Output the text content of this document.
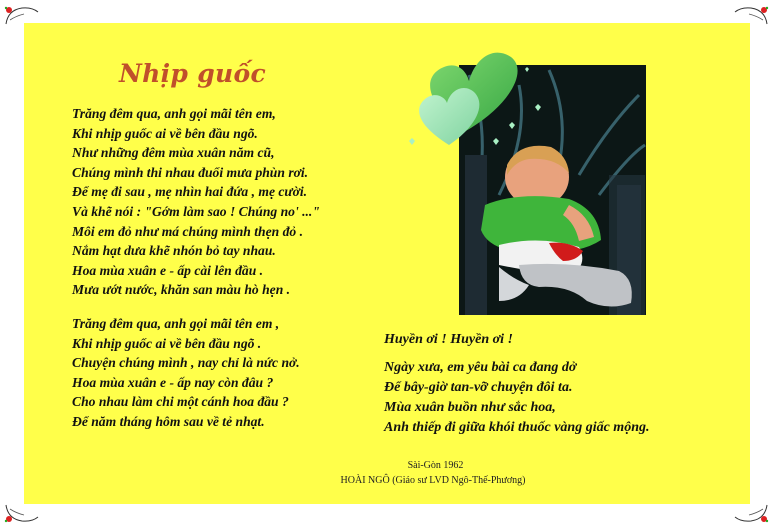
Nhịp guốc
Trăng đêm qua, anh gọi mãi tên em,
Khi nhịp guốc ai về bên đầu ngõ.
Như những đêm mùa xuân năm cũ,
Chúng mình thi nhau đuổi mưa phùn rơi.
Để mẹ đi sau , mẹ nhìn hai đứa , mẹ cười.
Và khẽ nói : "Gớm làm sao ! Chúng no' ..."
Môi em đỏ như má chúng mình thẹn đỏ .
Nắm hạt dưa khẽ nhón bỏ tay nhau.
Hoa mùa xuân e - ấp cài lên đầu .
Mưa ướt nước, khăn san màu hò hẹn .
Trăng đêm qua, anh gọi mãi tên em ,
Khi nhịp guốc ai về bên đầu ngõ .
Chuyện chúng mình , nay chỉ là nức nở.
Hoa mùa xuân e - ấp nay còn đâu ?
Cho nhau làm chi một cánh hoa đầu ?
Để năm tháng hôm sau về tẻ nhạt.
Huyền ơi ! Huyền ơi !
Ngày xưa, em yêu bài ca đang dở
Để bây-giờ tan-vỡ chuyện đôi ta.
Mùa xuân buồn như sắc hoa,
Anh thiếp đi giữa khói thuốc vàng giấc mộng.
Sài-Gòn 1962
HOÀI NGÔ (Giáo sư LVD Ngô-Thế-Phương)
